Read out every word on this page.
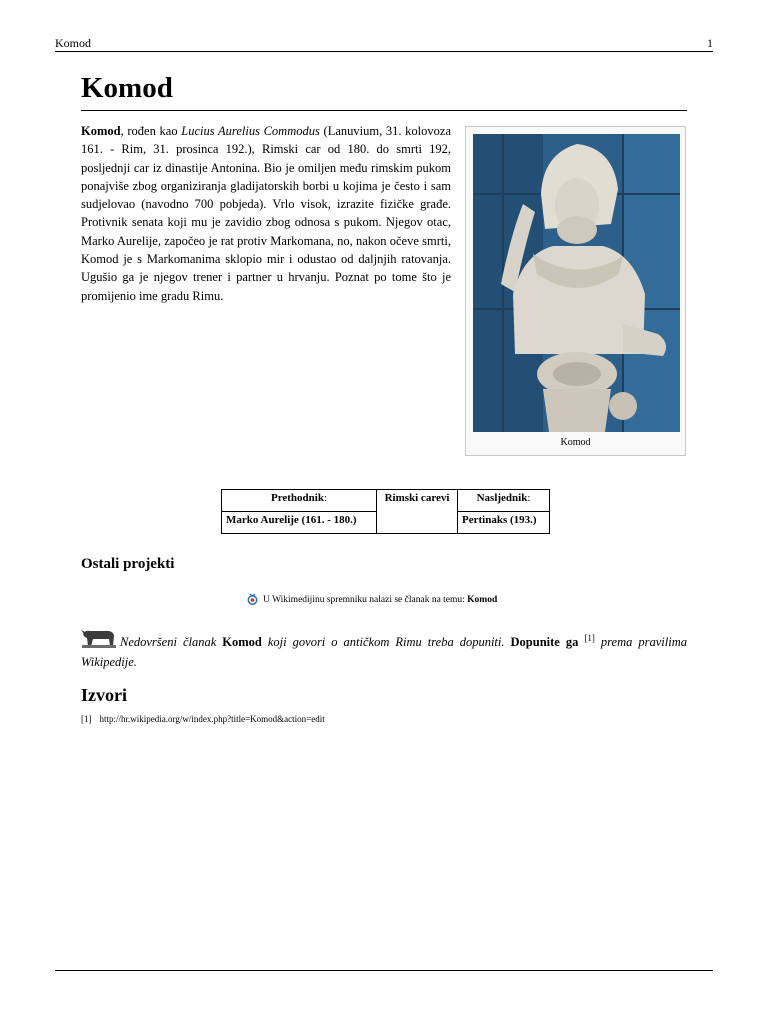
Komod	1
Komod
Komod, rođen kao Lucius Aurelius Commodus (Lanuvium, 31. kolovoza 161. - Rim, 31. prosinca 192.), Rimski car od 180. do smrti 192, posljednji car iz dinastije Antonina. Bio je omiljen među rimskim pukom ponajviše zbog organiziranja gladijatorskih borbi u kojima je često i sam sudjelovao (navodno 700 pobjeda). Vrlo visok, izrazite fizičke građe. Protivnik senata koji mu je zavidio zbog odnosa s pukom. Njegov otac, Marko Aurelije, započeo je rat protiv Markomana, no, nakon očeve smrti, Komod je s Markomanima sklopio mir i odustao od daljnjih ratovanja. Ugušio ga je njegov trener i partner u hrvanju. Poznat po tome što je promijenio ime gradu Rimu.
Komod
Prethodnik:	Rimski carevi	Nasljednik:
Marko Aurelije (161. - 180.)		Pertinaks (193.)
Ostali projekti
U Wikimedijinu spremniku nalazi se članak na temu: Komod
Nedovršeni članak Komod koji govori o antičkom Rimu treba dopuniti. Dopunite ga [1] prema pravilima Wikipedije.
Izvori
[1] http://hr.wikipedia.org/w/index.php?title=Komod&action=edit
